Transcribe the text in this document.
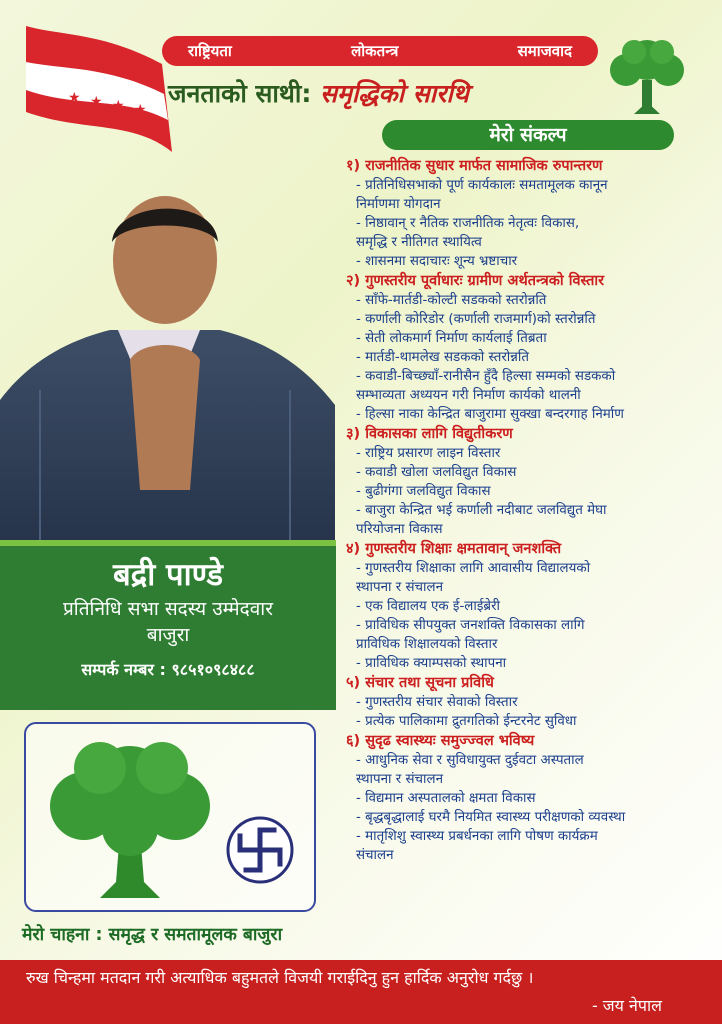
★ ★ ★ ★
राष्ट्रियता	लोकतन्त्र	समाजवाद
जनताको साथी: समृद्धिको सारथि
मेरो संकल्प
१) राजनीतिक सुधार मार्फत सामाजिक रुपान्तरण
- प्रतिनिधिसभाको पूर्ण कार्यकालः समतामूलक कानून
निर्माणमा योगदान
- निष्ठावान् र नैतिक राजनीतिक नेतृत्वः विकास,
समृद्धि र नीतिगत स्थायित्व
- शासनमा सदाचारः शून्य भ्रष्टाचार
२) गुणस्तरीय पूर्वाधारः ग्रामीण अर्थतन्त्रको विस्तार
- साँफे-मार्तडी-कोल्टी सडकको स्तरोन्नति
- कर्णाली कोरिडोर (कर्णाली राजमार्ग)को स्तरोन्नति
- सेती लोकमार्ग निर्माण कार्यलाई तिब्रता
- मार्तडी-थामलेख सडकको स्तरोन्नति
- कवाडी-बिच्छ्याँ-रानीसैन हुँदै हिल्सा सम्मको सडकको
सम्भाव्यता अध्ययन गरी निर्माण कार्यको थालनी
- हिल्सा नाका केन्द्रित बाजुरामा सुक्खा बन्दरगाह निर्माण
३) विकासका लागि विद्युतीकरण
- राष्ट्रिय प्रसारण लाइन विस्तार
- कवाडी खोला जलविद्युत विकास
- बुढीगंगा जलविद्युत विकास
- बाजुरा केन्द्रित भई कर्णाली नदीबाट जलविद्युत मेघा
परियोजना विकास
४) गुणस्तरीय शिक्षाः क्षमतावान् जनशक्ति
- गुणस्तरीय शिक्षाका लागि आवासीय विद्यालयको
स्थापना र संचालन
- एक विद्यालय एक ई-लाईब्रेरी
- प्राविधिक सीपयुक्त जनशक्ति विकासका लागि
प्राविधिक शिक्षालयको विस्तार
- प्राविधिक क्याम्पसको स्थापना
५) संचार तथा सूचना प्रविधि
- गुणस्तरीय संचार सेवाको विस्तार
- प्रत्येक पालिकामा द्रुतगतिको ईन्टरनेट सुविधा
६) सुदृढ स्वास्थ्यः समुज्ज्वल भविष्य
- आधुनिक सेवा र सुविधायुक्त दुईवटा अस्पताल
स्थापना र संचालन
- विद्यमान अस्पतालको क्षमता विकास
- बृद्धबृद्धालाई घरमै नियमित स्वास्थ्य परीक्षणको व्यवस्था
- मातृशिशु स्वास्थ्य प्रबर्धनका लागि पोषण कार्यक्रम
संचालन
बद्री पाण्डे
प्रतिनिधि सभा सदस्य उम्मेदवार
बाजुरा
सम्पर्क नम्बर : ९८५१०९८४८८
मेरो चाहना : समृद्ध र समतामूलक बाजुरा
रुख चिन्हमा मतदान गरी अत्याधिक बहुमतले विजयी गराईदिनु हुन हार्दिक अनुरोध गर्दछु ।
- जय नेपाल
